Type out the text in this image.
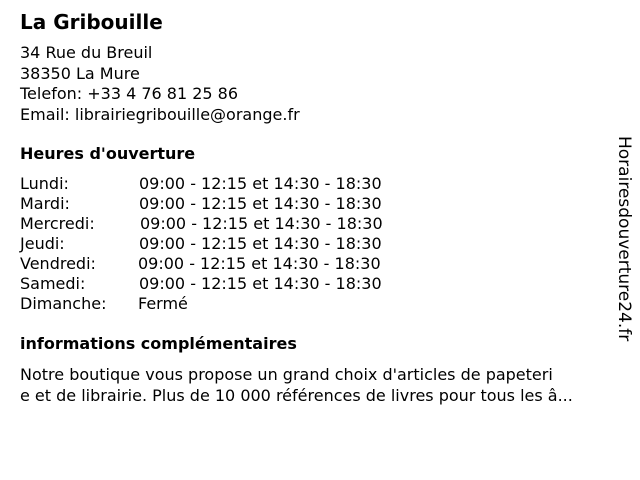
La Gribouille
34 Rue du Breuil
38350 La Mure
Telefon: +33 4 76 81 25 86
Email: librairiegribouille@orange.fr
Heures d'ouverture
Lundi:	09:00 - 12:15 et 14:30 - 18:30
Mardi:	09:00 - 12:15 et 14:30 - 18:30
Mercredi:	09:00 - 12:15 et 14:30 - 18:30
Jeudi:	09:00 - 12:15 et 14:30 - 18:30
Vendredi:	09:00 - 12:15 et 14:30 - 18:30
Samedi:	09:00 - 12:15 et 14:30 - 18:30
Dimanche: Fermé
informations complémentaires
Notre boutique vous propose un grand choix d'articles de papeteri
e et de librairie. Plus de 10 000 références de livres pour tous les â...
Horairesdouverture24.fr
